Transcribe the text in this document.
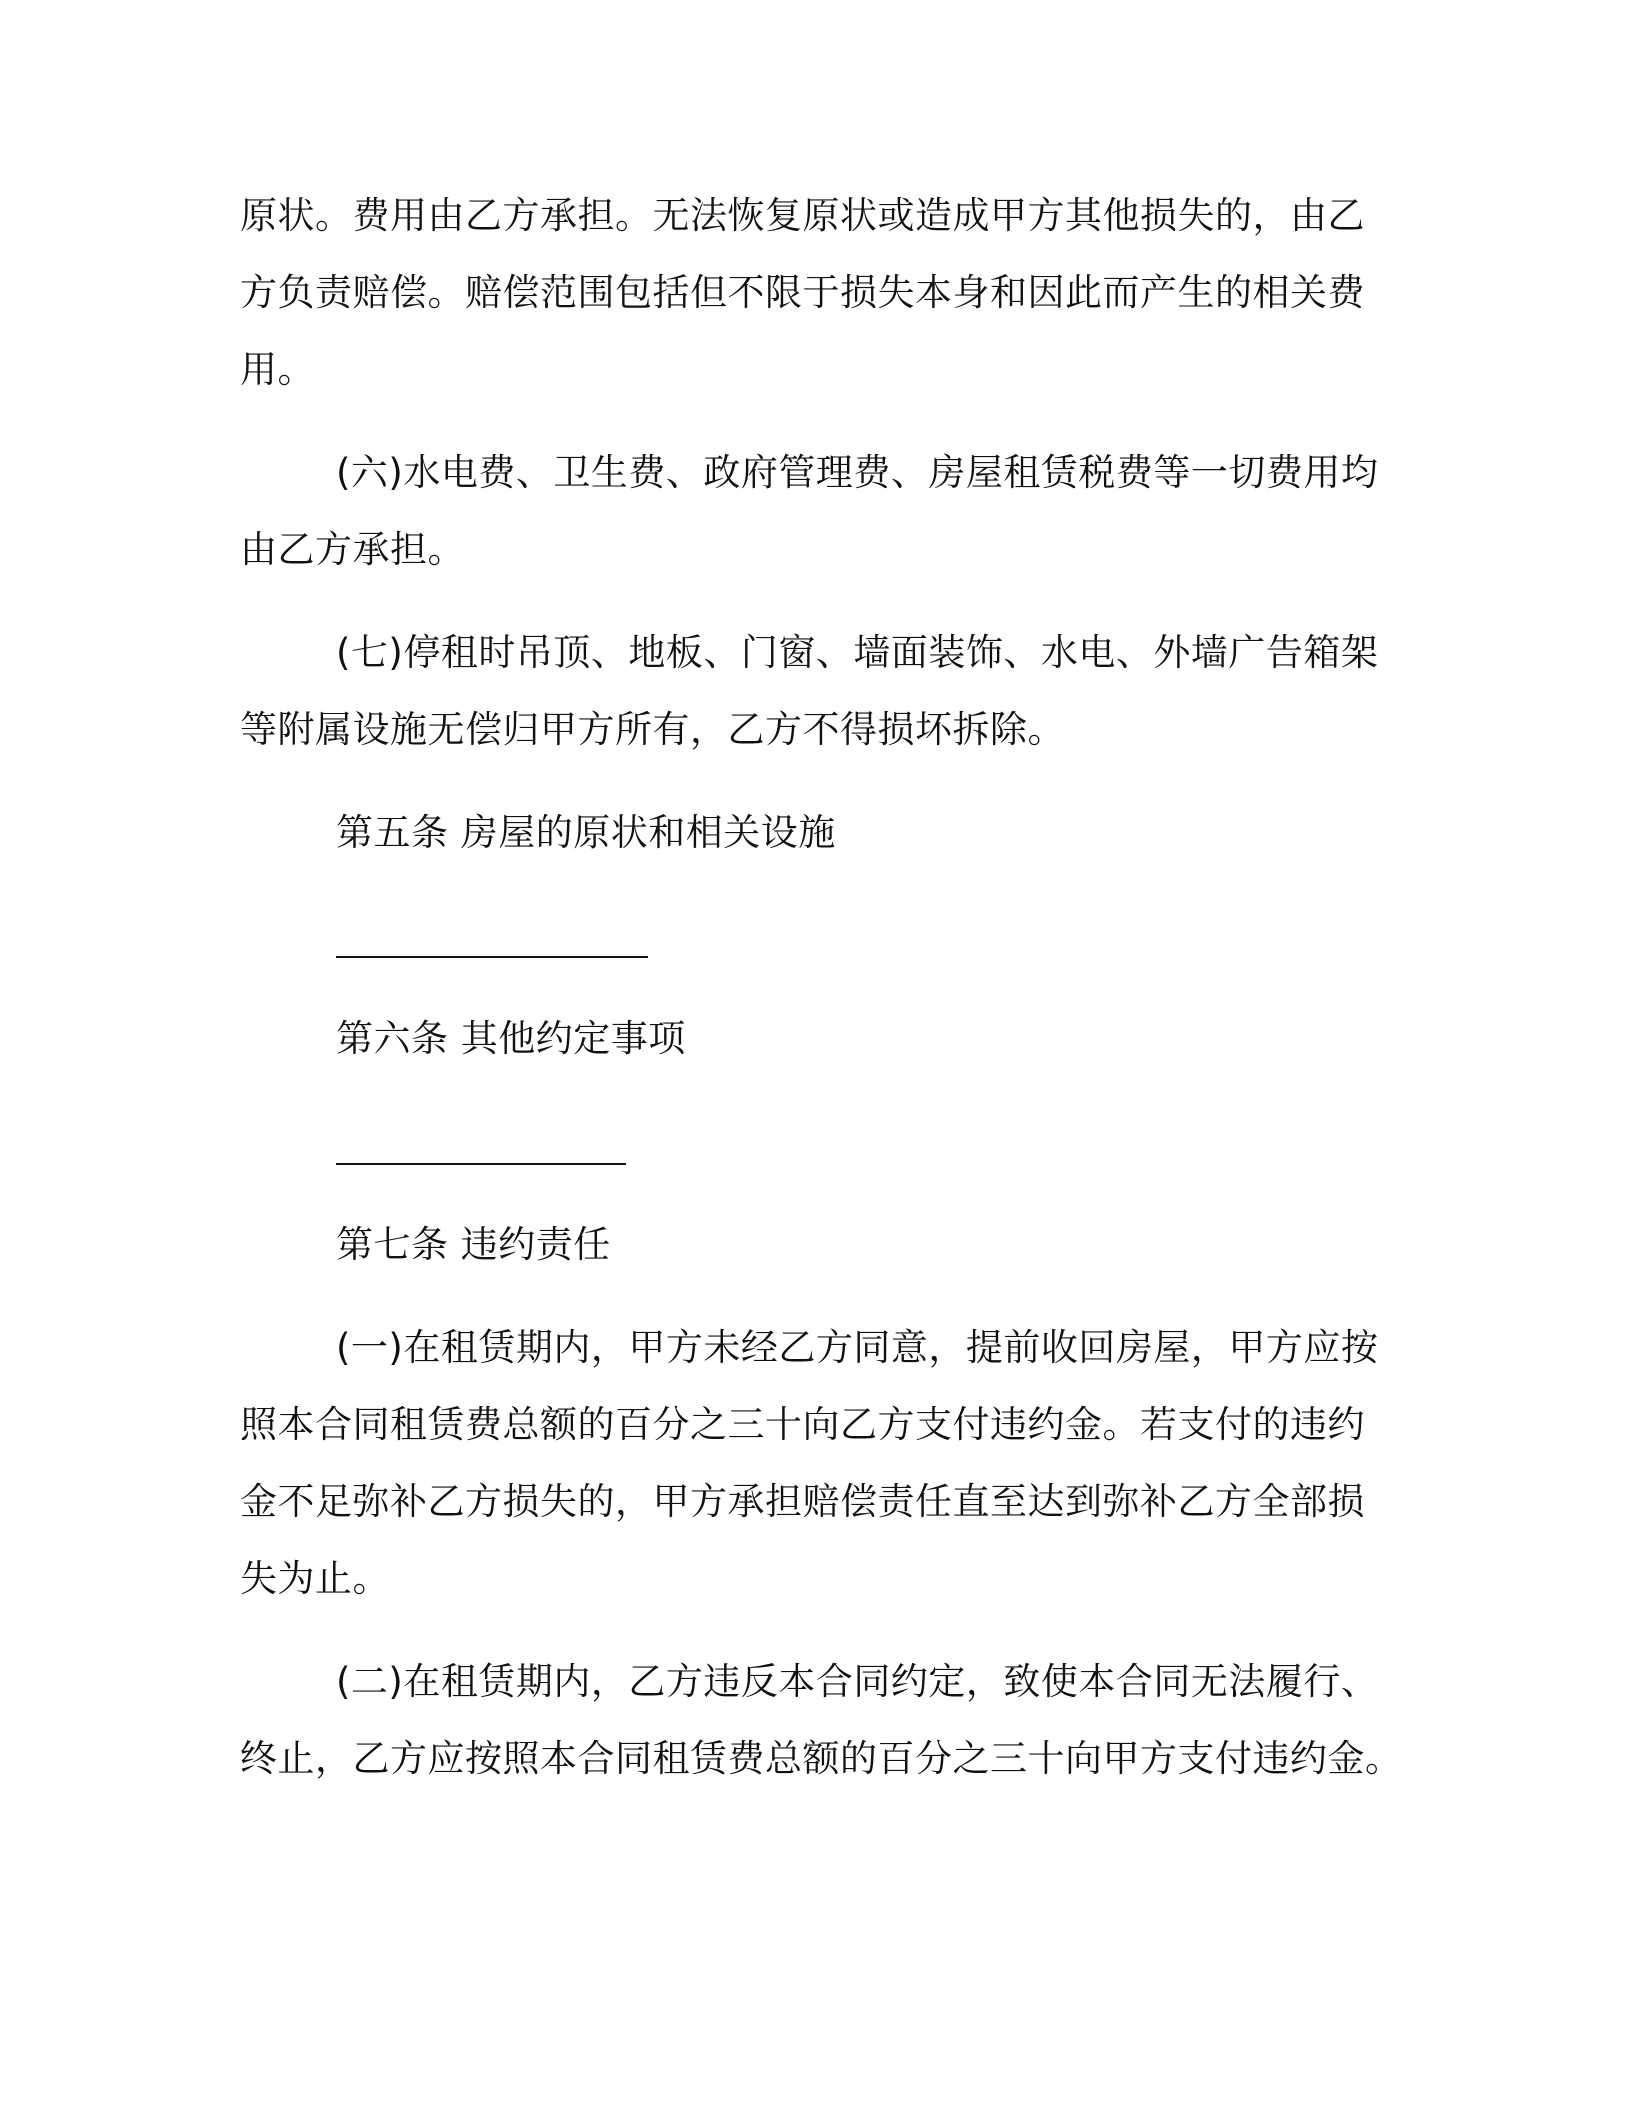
原状。费用由乙方承担。无法恢复原状或造成甲方其他损失的，由乙
方负责赔偿。赔偿范围包括但不限于损失本身和因此而产生的相关费
用。
(六)水电费、卫生费、政府管理费、房屋租赁税费等一切费用均
由乙方承担。
(七)停租时吊顶、地板、门窗、墙面装饰、水电、外墙广告箱架
等附属设施无偿归甲方所有，乙方不得损坏拆除。
第五条 房屋的原状和相关设施
第六条 其他约定事项
第七条 违约责任
(一)在租赁期内，甲方未经乙方同意，提前收回房屋，甲方应按
照本合同租赁费总额的百分之三十向乙方支付违约金。若支付的违约
金不足弥补乙方损失的，甲方承担赔偿责任直至达到弥补乙方全部损
失为止。
(二)在租赁期内，乙方违反本合同约定，致使本合同无法履行、
终止，乙方应按照本合同租赁费总额的百分之三十向甲方支付违约金。
